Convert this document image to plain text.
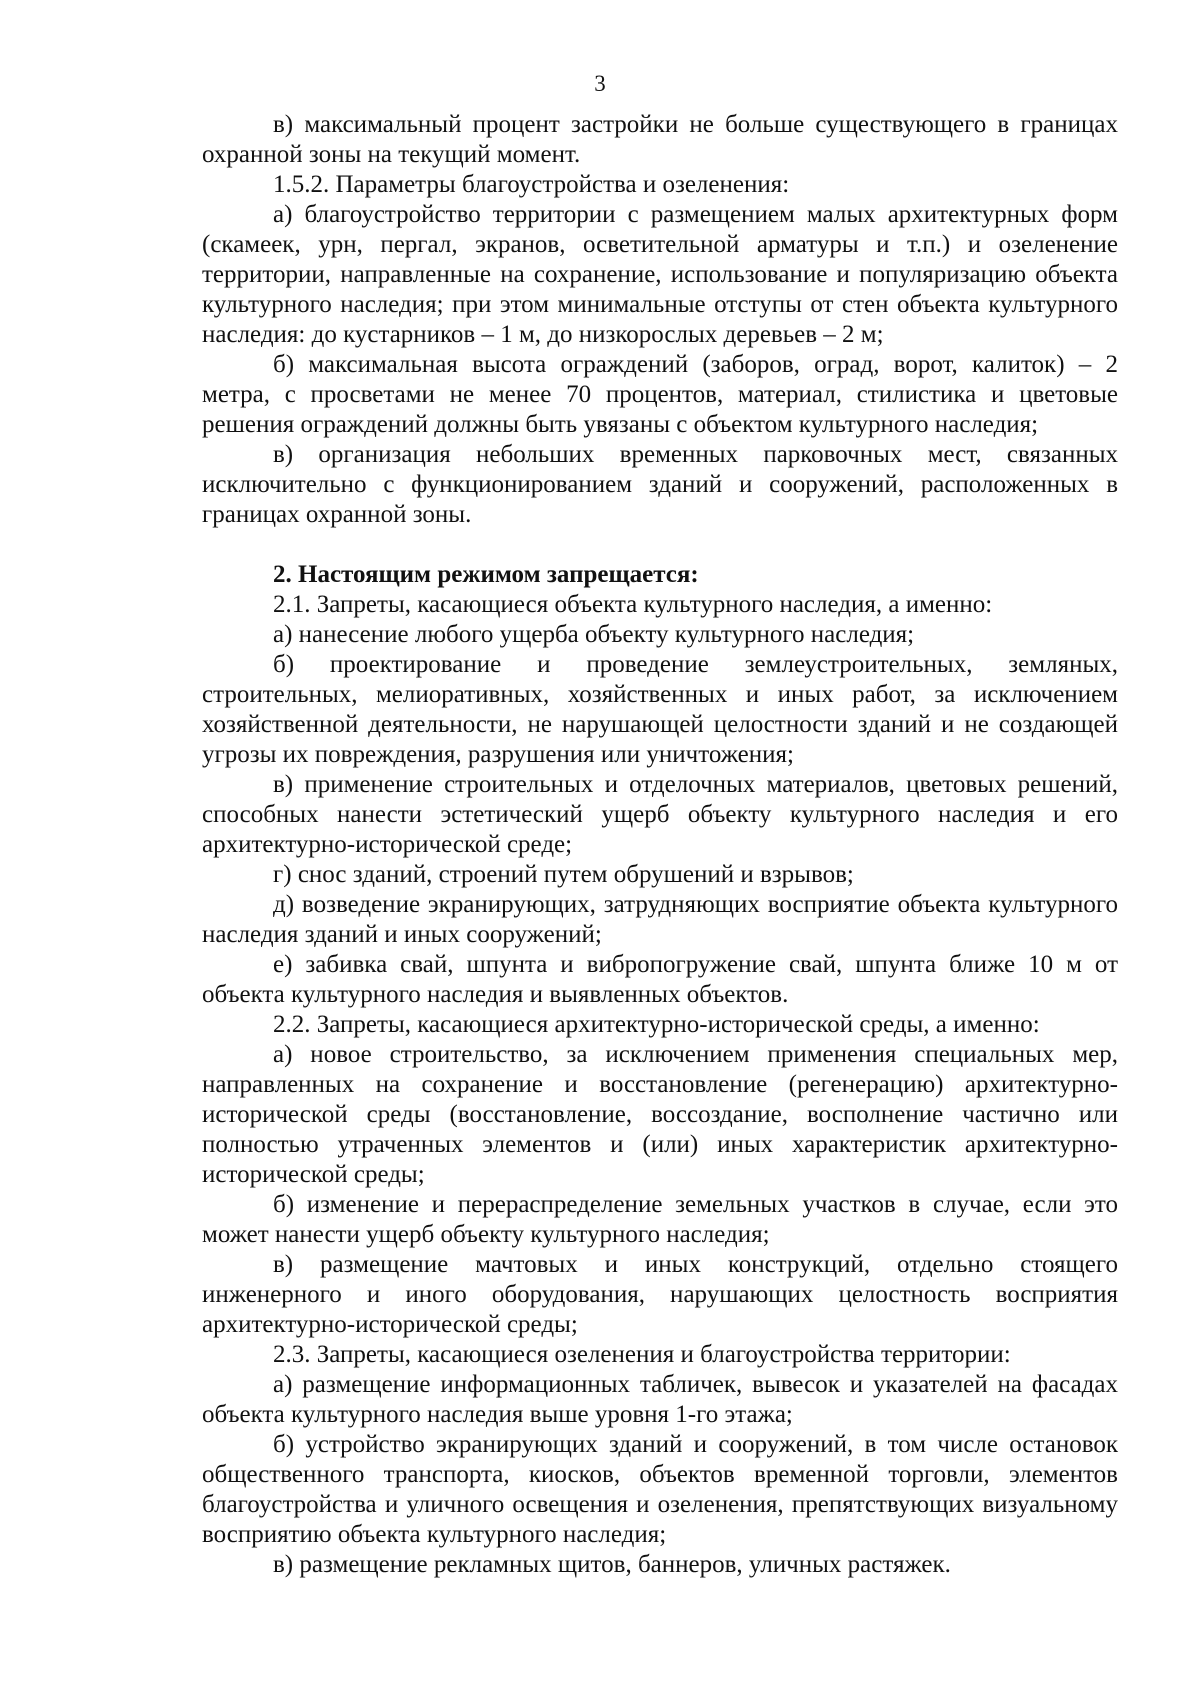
3

в) максимальный процент застройки не больше существующего в границах охранной зоны на текущий момент.

1.5.2. Параметры благоустройства и озеленения:

а) благоустройство территории с размещением малых архитектурных форм (скамеек, урн, пергал, экранов, осветительной арматуры и т.п.) и озеленение территории, направленные на сохранение, использование и популяризацию объекта культурного наследия; при этом минимальные отступы от стен объекта культурного наследия: до кустарников – 1 м, до низкорослых деревьев – 2 м;

б) максимальная высота ограждений (заборов, оград, ворот, калиток) – 2 метра, с просветами не менее 70 процентов, материал, стилистика и цветовые решения ограждений должны быть увязаны с объектом культурного наследия;

в) организация небольших временных парковочных мест, связанных исключительно с функционированием зданий и сооружений, расположенных в границах охранной зоны.

2. Настоящим режимом запрещается:

2.1. Запреты, касающиеся объекта культурного наследия, а именно:

а) нанесение любого ущерба объекту культурного наследия;

б) проектирование и проведение землеустроительных, земляных, строительных, мелиоративных, хозяйственных и иных работ, за исключением хозяйственной деятельности, не нарушающей целостности зданий и не создающей угрозы их повреждения, разрушения или уничтожения;

в) применение строительных и отделочных материалов, цветовых решений, способных нанести эстетический ущерб объекту культурного наследия и его архитектурно-исторической среде;

г) снос зданий, строений путем обрушений и взрывов;

д) возведение экранирующих, затрудняющих восприятие объекта культурного наследия зданий и иных сооружений;

е) забивка свай, шпунта и вибропогружение свай, шпунта ближе 10 м от объекта культурного наследия и выявленных объектов.

2.2. Запреты, касающиеся архитектурно-исторической среды, а именно:

а) новое строительство, за исключением применения специальных мер, направленных на сохранение и восстановление (регенерацию) архитектурно-исторической среды (восстановление, воссоздание, восполнение частично или полностью утраченных элементов и (или) иных характеристик архитектурно-исторической среды;

б) изменение и перераспределение земельных участков в случае, если это может нанести ущерб объекту культурного наследия;

в) размещение мачтовых и иных конструкций, отдельно стоящего инженерного и иного оборудования, нарушающих целостность восприятия архитектурно-исторической среды;

2.3. Запреты, касающиеся озеленения и благоустройства территории:

а) размещение информационных табличек, вывесок и указателей на фасадах объекта культурного наследия выше уровня 1-го этажа;

б) устройство экранирующих зданий и сооружений, в том числе остановок общественного транспорта, киосков, объектов временной торговли, элементов благоустройства и уличного освещения и озеленения, препятствующих визуальному восприятию объекта культурного наследия;

в) размещение рекламных щитов, баннеров, уличных растяжек.
